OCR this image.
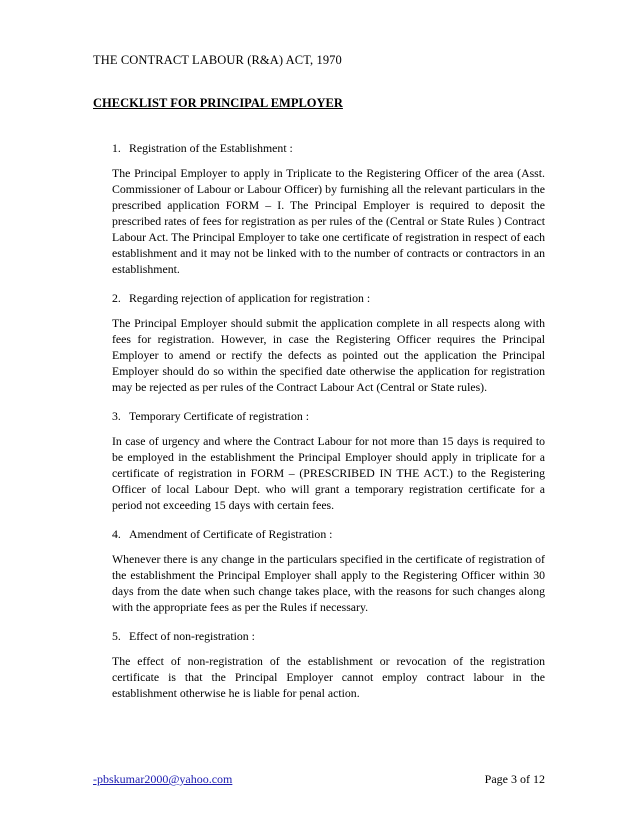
THE CONTRACT LABOUR (R&A) ACT, 1970
CHECKLIST FOR PRINCIPAL EMPLOYER

1. Registration of the Establishment :

The Principal Employer to apply in Triplicate to the Registering Officer of the area (Asst. Commissioner of Labour or Labour Officer) by furnishing all the relevant particulars in the prescribed application FORM – I. The Principal Employer is required to deposit the prescribed rates of fees for registration as per rules of the (Central or State Rules ) Contract Labour Act. The Principal Employer to take one certificate of registration in respect of each establishment and it may not be linked with to the number of contracts or contractors in an establishment.

2. Regarding rejection of application for registration :

The Principal Employer should submit the application complete in all respects along with fees for registration. However, in case the Registering Officer requires the Principal Employer to amend or rectify the defects as pointed out the application the Principal Employer should do so within the specified date otherwise the application for registration may be rejected as per rules of the Contract Labour Act (Central or State rules).

3. Temporary Certificate of registration :

In case of urgency and where the Contract Labour for not more than 15 days is required to be employed in the establishment the Principal Employer should apply in triplicate for a certificate of registration in FORM – (PRESCRIBED IN THE ACT.) to the Registering Officer of local Labour Dept. who will grant a temporary registration certificate for a period not exceeding 15 days with certain fees.

4. Amendment of Certificate of Registration :

Whenever there is any change in the particulars specified in the certificate of registration of the establishment the Principal Employer shall apply to the Registering Officer within 30 days from the date when such change takes place, with the reasons for such changes along with the appropriate fees as per the Rules if necessary.

5. Effect of non-registration :

The effect of non-registration of the establishment or revocation of the registration certificate is that the Principal Employer cannot employ contract labour in the establishment otherwise he is liable for penal action.

-pbskumar2000@yahoo.com	Page 3 of 12
